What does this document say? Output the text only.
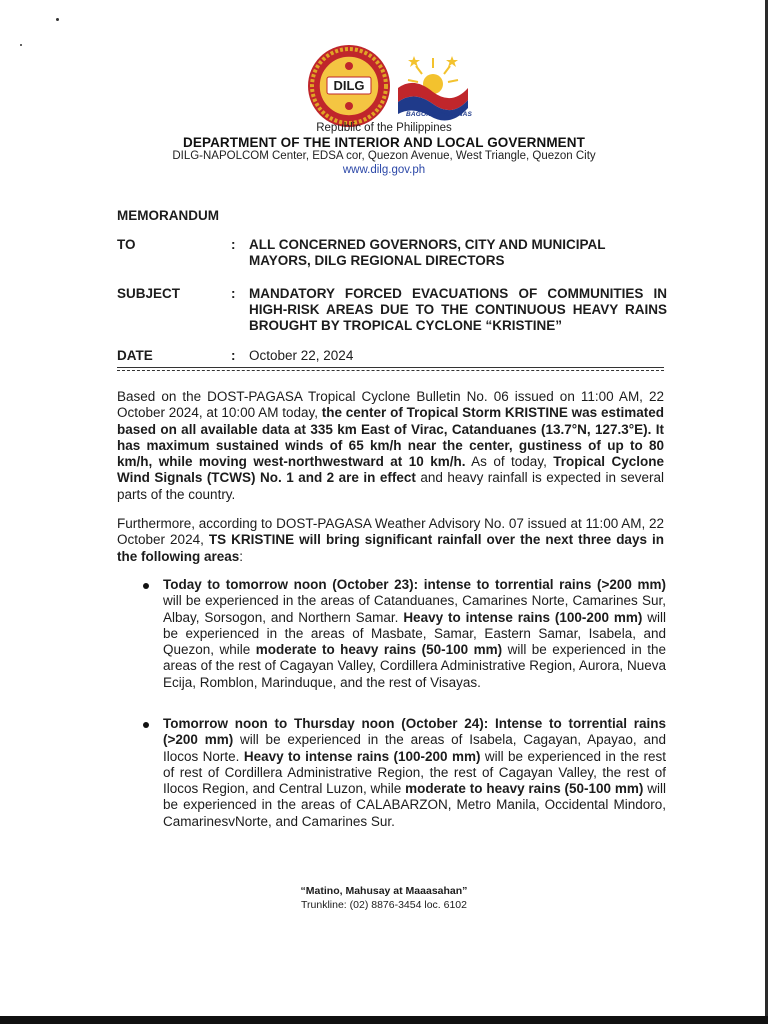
DILG
BAGONG PILIPINAS
Republic of the Philippines
DEPARTMENT OF THE INTERIOR AND LOCAL GOVERNMENT
DILG-NAPOLCOM Center, EDSA cor, Quezon Avenue, West Triangle, Quezon City
www.dilg.gov.ph
MEMORANDUM
TO	: ALL CONCERNED GOVERNORS, CITY AND MUNICIPAL MAYORS, DILG REGIONAL DIRECTORS
SUBJECT	: MANDATORY FORCED EVACUATIONS OF COMMUNITIES IN HIGH-RISK AREAS DUE TO THE CONTINUOUS HEAVY RAINS BROUGHT BY TROPICAL CYCLONE “KRISTINE”
DATE	: October 22, 2024
Based on the DOST-PAGASA Tropical Cyclone Bulletin No. 06 issued on 11:00 AM, 22 October 2024, at 10:00 AM today, the center of Tropical Storm KRISTINE was estimated based on all available data at 335 km East of Virac, Catanduanes (13.7°N, 127.3°E). It has maximum sustained winds of 65 km/h near the center, gustiness of up to 80 km/h, while moving west-northwestward at 10 km/h. As of today, Tropical Cyclone Wind Signals (TCWS) No. 1 and 2 are in effect and heavy rainfall is expected in several parts of the country.
Furthermore, according to DOST-PAGASA Weather Advisory No. 07 issued at 11:00 AM, 22 October 2024, TS KRISTINE will bring significant rainfall over the next three days in the following areas:
Today to tomorrow noon (October 23): intense to torrential rains (>200 mm) will be experienced in the areas of Catanduanes, Camarines Norte, Camarines Sur, Albay, Sorsogon, and Northern Samar. Heavy to intense rains (100-200 mm) will be experienced in the areas of Masbate, Samar, Eastern Samar, Isabela, and Quezon, while moderate to heavy rains (50-100 mm) will be experienced in the areas of the rest of Cagayan Valley, Cordillera Administrative Region, Aurora, Nueva Ecija, Romblon, Marinduque, and the rest of Visayas.
Tomorrow noon to Thursday noon (October 24): Intense to torrential rains (>200 mm) will be experienced in the areas of Isabela, Cagayan, Apayao, and Ilocos Norte. Heavy to intense rains (100-200 mm) will be experienced in the rest of rest of Cordillera Administrative Region, the rest of Cagayan Valley, the rest of Ilocos Region, and Central Luzon, while moderate to heavy rains (50-100 mm) will be experienced in the areas of CALABARZON, Metro Manila, Occidental Mindoro, CamarinesvNorte, and Camarines Sur.
“Matino, Mahusay at Maaasahan”
Trunkline: (02) 8876-3454 loc. 6102
